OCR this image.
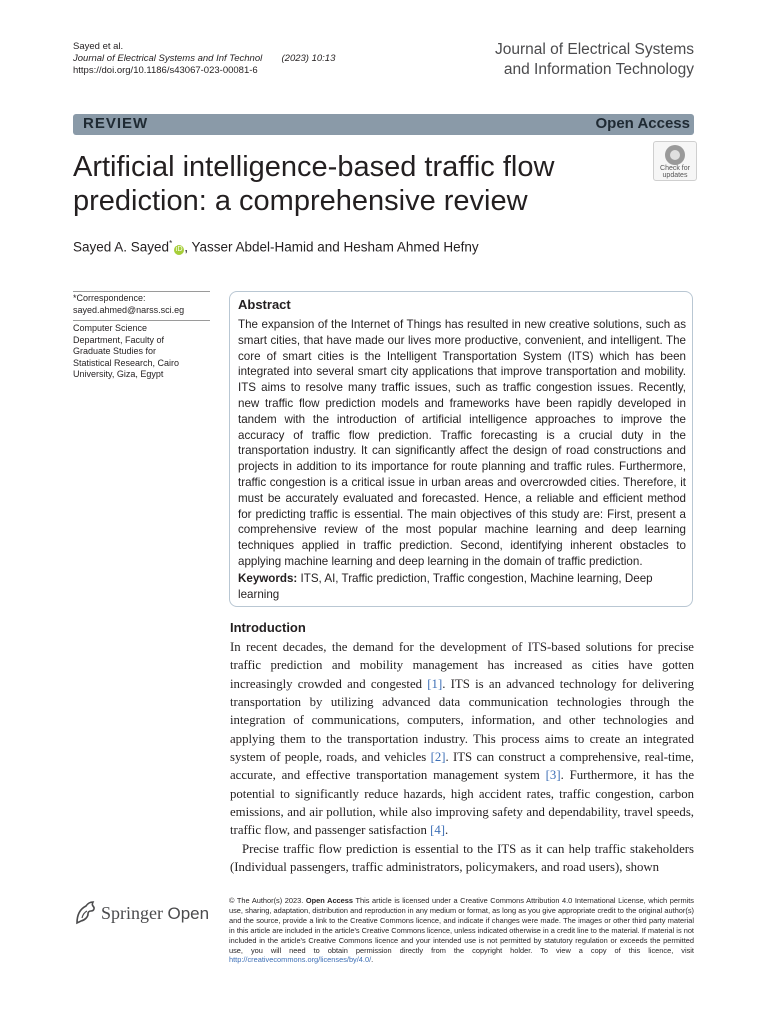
Sayed et al.
Journal of Electrical Systems and Inf Technol (2023) 10:13
https://doi.org/10.1186/s43067-023-00081-6
Journal of Electrical Systems
and Information Technology
REVIEW	Open Access
Artificial intelligence-based traffic flow prediction: a comprehensive review
Check for
updates
Sayed A. Sayed*iD , Yasser Abdel-Hamid and Hesham Ahmed Hefny
*Correspondence:
sayed.ahmed@narss.sci.eg
Computer Science Department, Faculty of Graduate Studies for Statistical Research, Cairo University, Giza, Egypt
Abstract
The expansion of the Internet of Things has resulted in new creative solutions, such as smart cities, that have made our lives more productive, convenient, and intelligent. The core of smart cities is the Intelligent Transportation System (ITS) which has been integrated into several smart city applications that improve transportation and mobility. ITS aims to resolve many traffic issues, such as traffic congestion issues. Recently, new traffic flow prediction models and frameworks have been rapidly developed in tandem with the introduction of artificial intelligence approaches to improve the accuracy of traffic flow prediction. Traffic forecasting is a crucial duty in the transportation industry. It can significantly affect the design of road constructions and projects in addition to its importance for route planning and traffic rules. Furthermore, traffic congestion is a critical issue in urban areas and overcrowded cities. Therefore, it must be accurately evaluated and forecasted. Hence, a reliable and efficient method for predicting traffic is essential. The main objectives of this study are: First, present a comprehensive review of the most popular machine learning and deep learning techniques applied in traffic prediction. Second, identifying inherent obstacles to applying machine learning and deep learning in the domain of traffic prediction.
Keywords: ITS, AI, Traffic prediction, Traffic congestion, Machine learning, Deep learning
Introduction

In recent decades, the demand for the development of ITS-based solutions for precise traffic prediction and mobility management has increased as cities have gotten increasingly crowded and congested [1]. ITS is an advanced technology for delivering transportation by utilizing advanced data communication technologies through the integration of communications, computers, information, and other technologies and applying them to the transportation industry. This process aims to create an integrated system of people, roads, and vehicles [2]. ITS can construct a comprehensive, real-time, accurate, and effective transportation management system [3]. Furthermore, it has the potential to significantly reduce hazards, high accident rates, traffic congestion, carbon emissions, and air pollution, while also improving safety and dependability, travel speeds, traffic flow, and passenger satisfaction [4].

Precise traffic flow prediction is essential to the ITS as it can help traffic stakeholders (Individual passengers, traffic administrators, policymakers, and road users), shown

Springer Open
© The Author(s) 2023. Open Access This article is licensed under a Creative Commons Attribution 4.0 International License, which permits use, sharing, adaptation, distribution and reproduction in any medium or format, as long as you give appropriate credit to the original author(s) and the source, provide a link to the Creative Commons licence, and indicate if changes were made. The images or other third party material in this article are included in the article's Creative Commons licence, unless indicated otherwise in a credit line to the material. If material is not included in the article's Creative Commons licence and your intended use is not permitted by statutory regulation or exceeds the permitted use, you will need to obtain permission directly from the copyright holder. To view a copy of this licence, visit http://creativecommons.org/licenses/by/4.0/.
